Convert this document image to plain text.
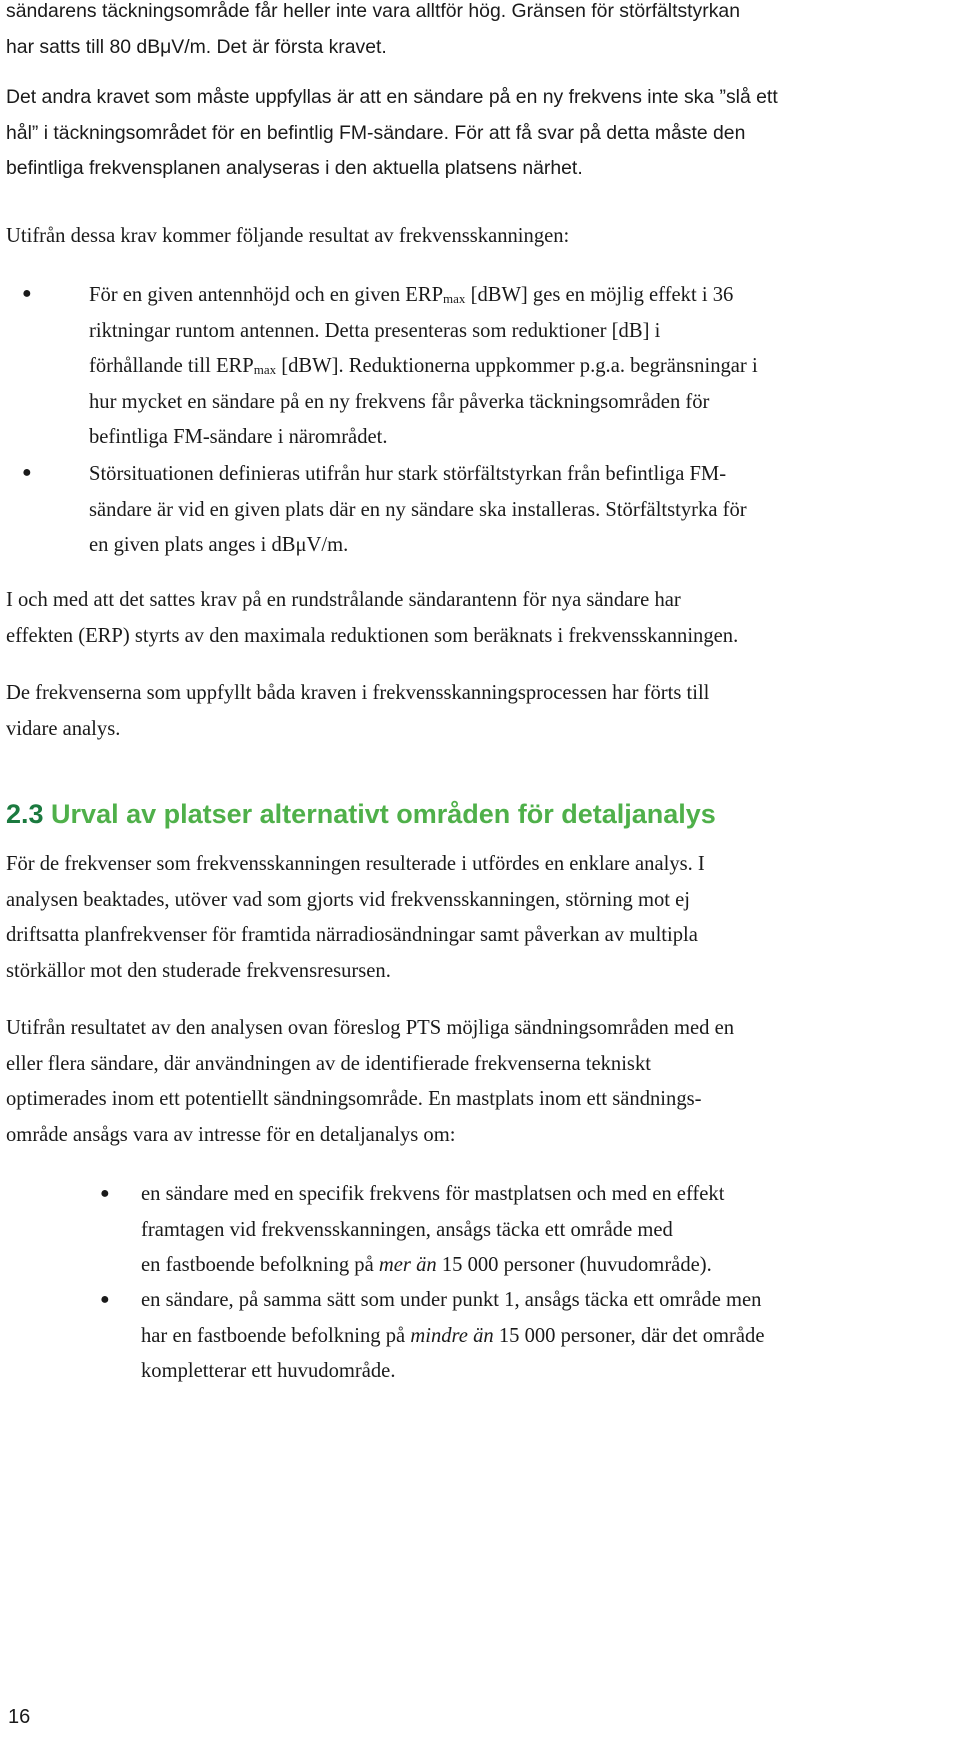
sändarens täckningsområde får heller inte vara alltför hög. Gränsen för störfältstyrkan
har satts till 80 dBμV/m. Det är första kravet.

Det andra kravet som måste uppfyllas är att en sändare på en ny frekvens inte ska ”slå ett
hål” i täckningsområdet för en befintlig FM-sändare. För att få svar på detta måste den
befintliga frekvensplanen analyseras i den aktuella platsens närhet.

Utifrån dessa krav kommer följande resultat av frekvensskanningen:

●	För en given antennhöjd och en given $ERP_{max}$ [dBW] ges en möjlig effekt i 36
riktningar runtom antennen. Detta presenteras som reduktioner [dB] i
förhållande till $ERP_{max}$ [dBW]. Reduktionerna uppkommer p.g.a. begränsningar i
hur mycket en sändare på en ny frekvens får påverka täckningsområden för
befintliga FM-sändare i närområdet.

●	Störsituationen definieras utifrån hur stark störfältstyrkan från befintliga FM-
sändare är vid en given plats där en ny sändare ska installeras. Störfältstyrka för
en given plats anges i dBμV/m.

I och med att det sattes krav på en rundstrålande sändarantenn för nya sändare har
effekten (ERP) styrts av den maximala reduktionen som beräknats i frekvensskanningen.

De frekvenserna som uppfyllt båda kraven i frekvensskanningsprocessen har förts till
vidare analys.

2.3 Urval av platser alternativt områden för detaljanalys

För de frekvenser som frekvensskanningen resulterade i utfördes en enklare analys. I
analysen beaktades, utöver vad som gjorts vid frekvensskanningen, störning mot ej
driftsatta planfrekvenser för framtida närradiosändningar samt påverkan av multipla
störkällor mot den studerade frekvensresursen.

Utifrån resultatet av den analysen ovan föreslog PTS möjliga sändningsområden med en
eller flera sändare, där användningen av de identifierade frekvenserna tekniskt
optimerades inom ett potentiellt sändningsområde. En mastplats inom ett sändnings-
område ansågs vara av intresse för en detaljanalys om:

● en sändare med en specifik frekvens för mastplatsen och med en effekt
framtagen vid frekvensskanningen, ansågs täcka ett område med
en fastboende befolkning på mer än 15 000 personer (huvudområde).

● en sändare, på samma sätt som under punkt 1, ansågs täcka ett område men
har en fastboende befolkning på mindre än 15 000 personer, där det område
kompletterar ett huvudområde.

16
